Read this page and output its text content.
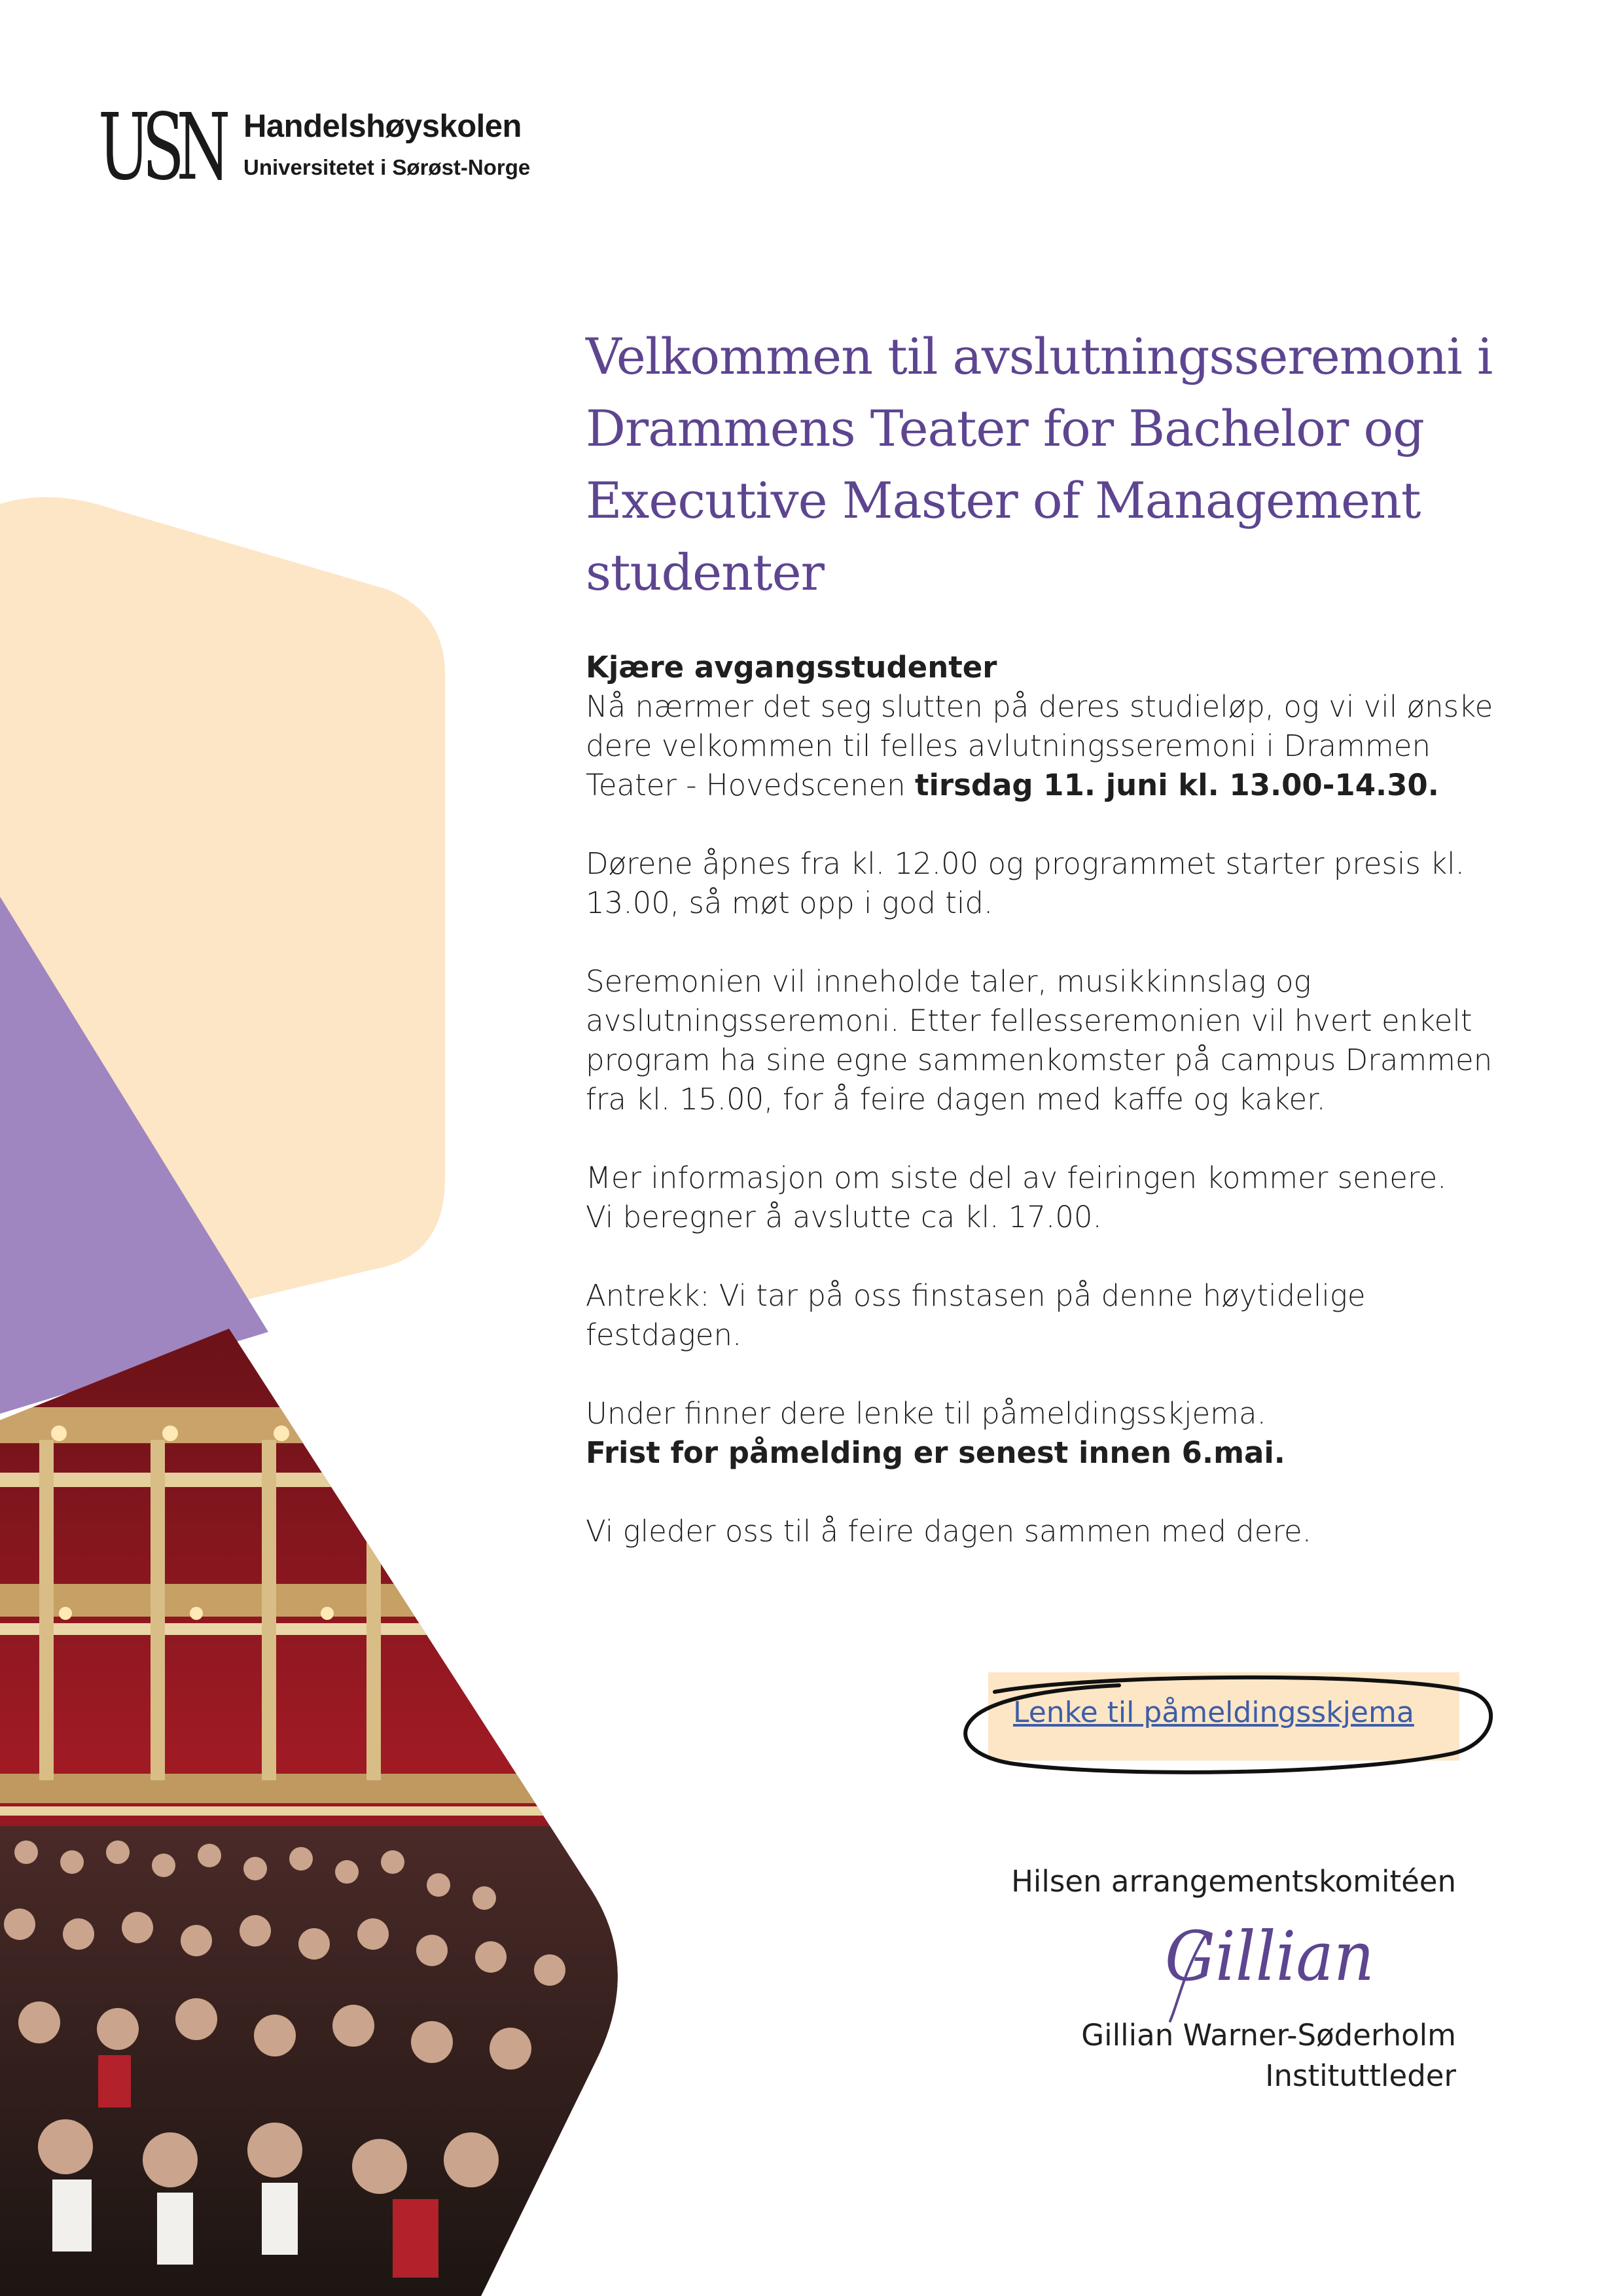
USN Handelshøyskolen
Universitetet i Sørøst-Norge
Velkommen til avslutningsseremoni i
Drammens Teater for Bachelor og
Executive Master of Management
studenter

Kjære avgangsstudenter
Nå nærmer det seg slutten på deres studieløp, og vi vil ønske dere velkommen til felles avlutningsseremoni i Drammen Teater - Hovedscenen tirsdag 11. juni kl. 13.00-14.30.

Dørene åpnes fra kl. 12.00 og programmet starter presis kl. 13.00, så møt opp i god tid.

Seremonien vil inneholde taler, musikkinnslag og avslutningsseremoni. Etter fellesseremonien vil hvert enkelt program ha sine egne sammenkomster på campus Drammen fra kl. 15.00, for å feire dagen med kaffe og kaker.

Mer informasjon om siste del av feiringen kommer senere.
Vi beregner å avslutte ca kl. 17.00.

Antrekk: Vi tar på oss finstasen på denne høytidelige festdagen.

Under finner dere lenke til påmeldingsskjema.
Frist for påmelding er senest innen 6.mai.

Vi gleder oss til å feire dagen sammen med dere.

Lenke til påmeldingsskjema
Hilsen arrangementskomitéen
Gillian
Gillian Warner-Søderholm
Instituttleder
